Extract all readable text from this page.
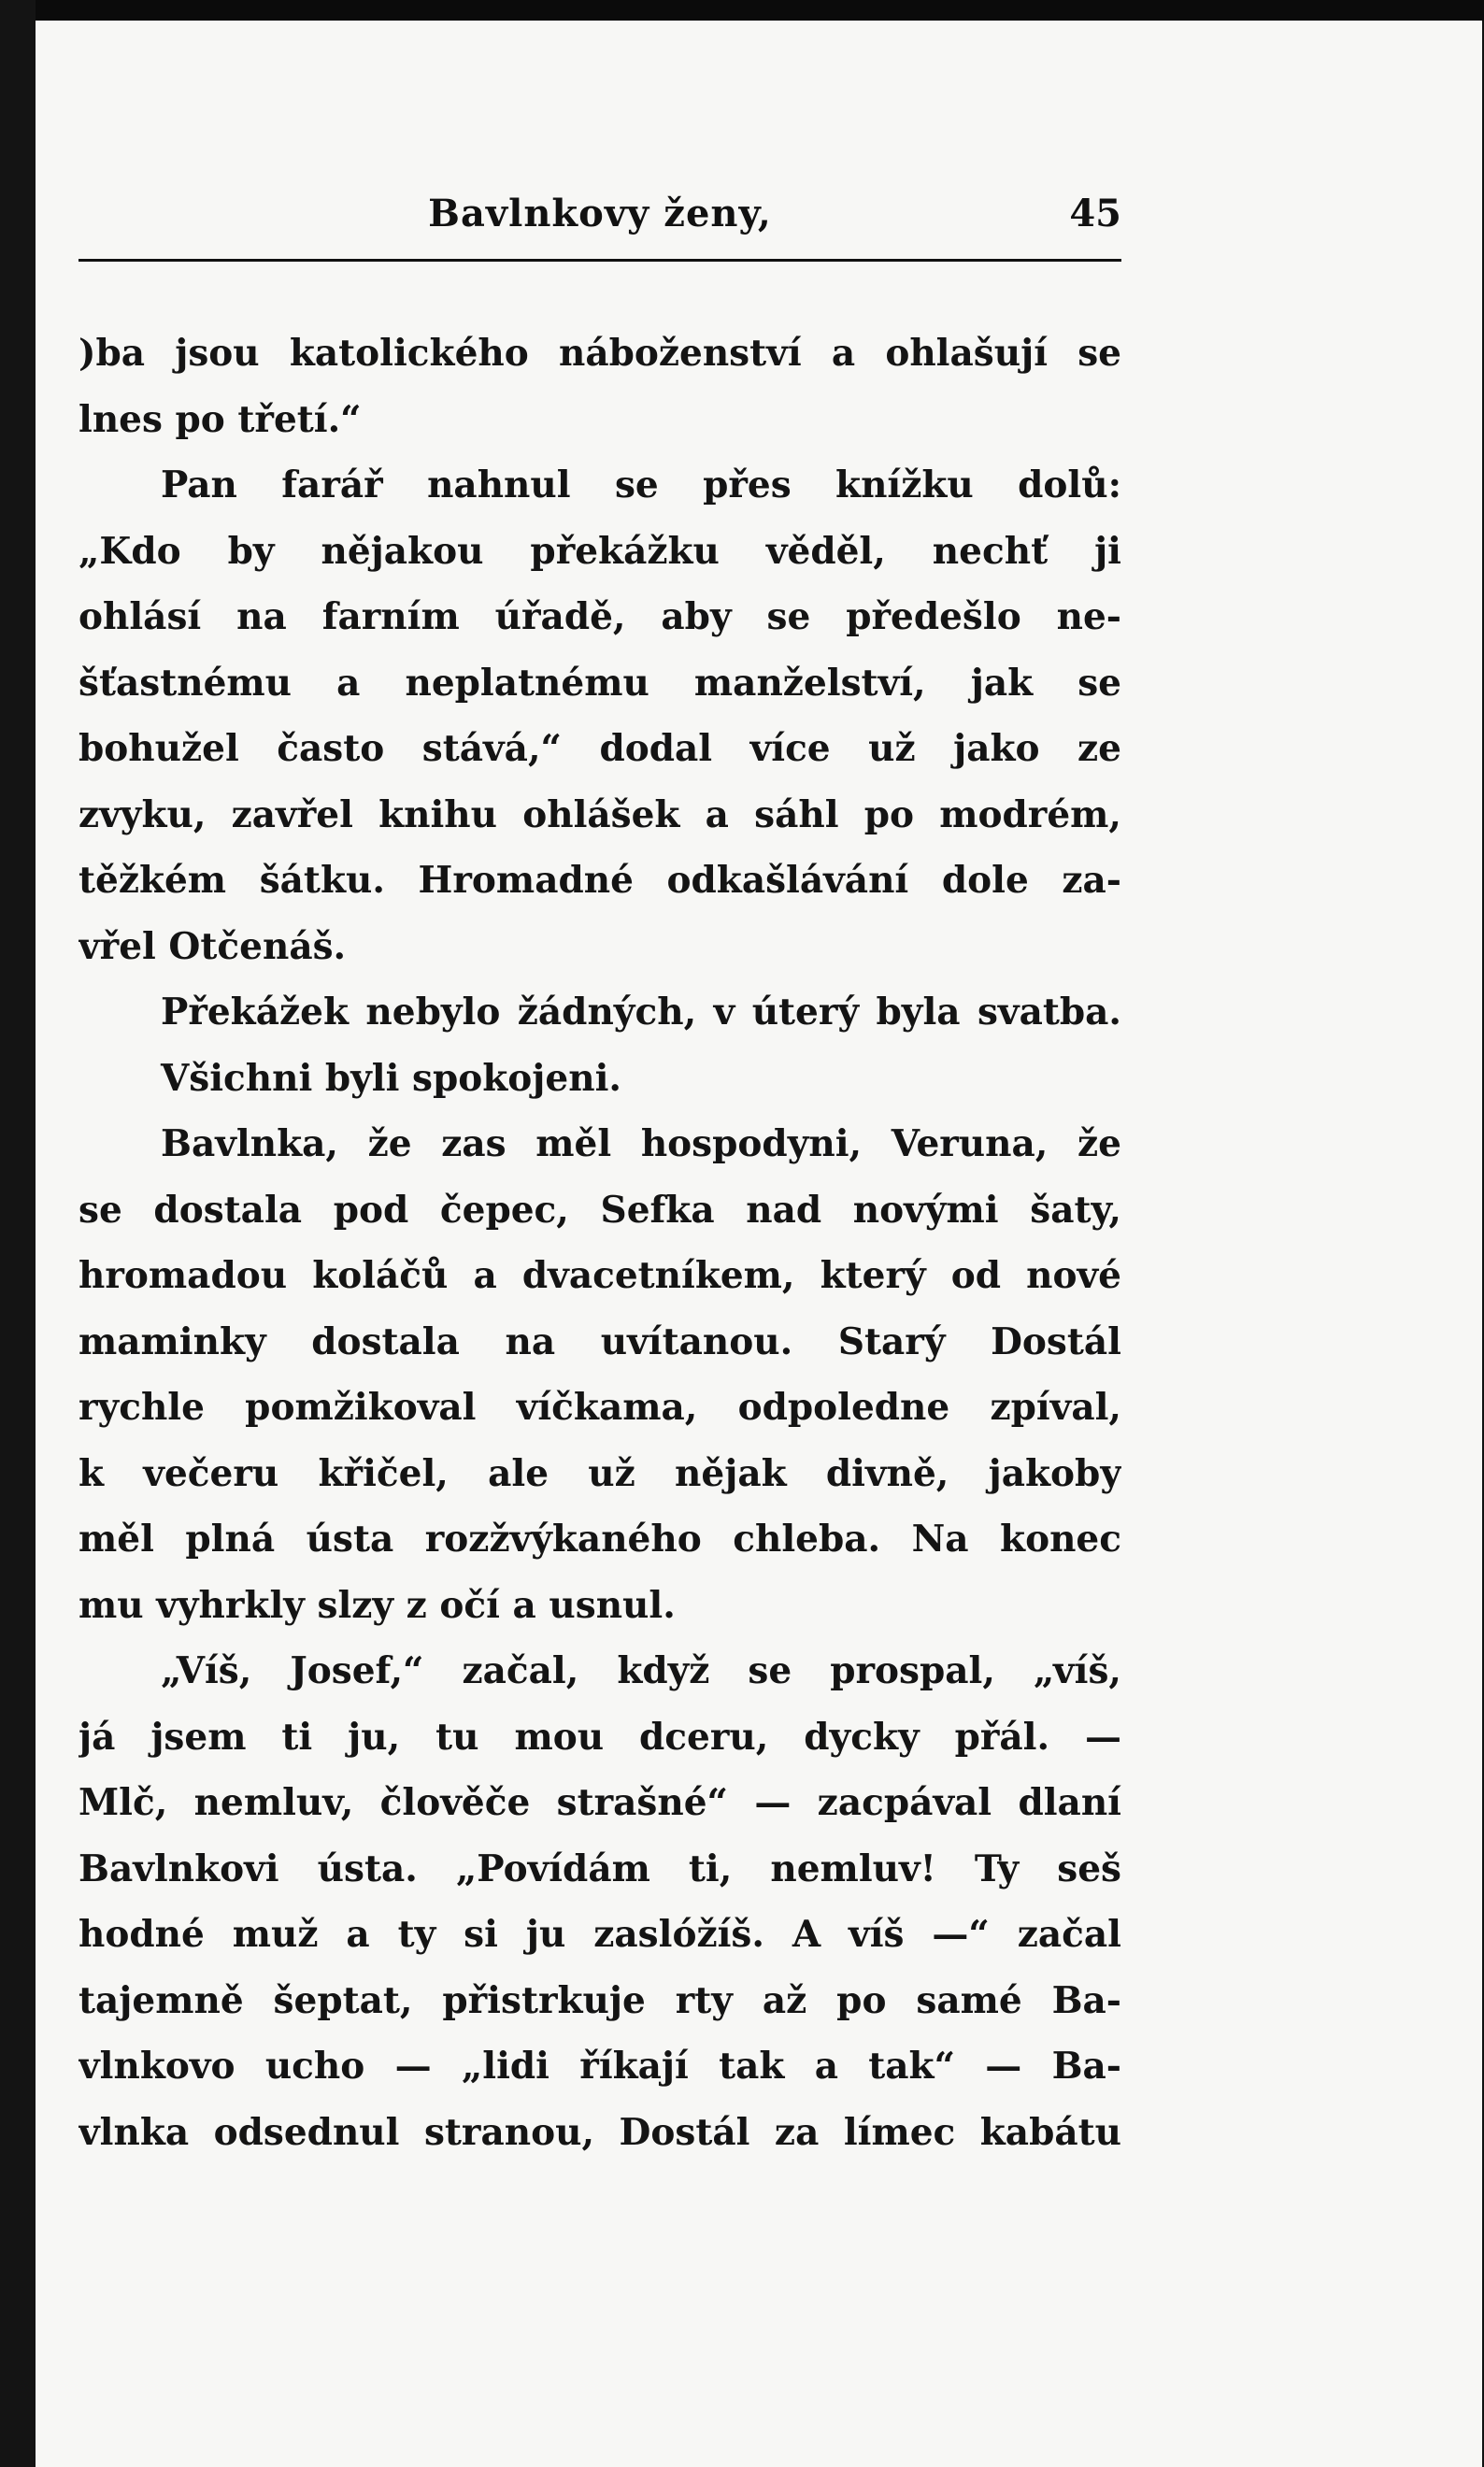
Bavlnkovy ženy,	45
)ba jsou katolického náboženství a ohlašují se
lnes po třetí.“
Pan farář nahnul se přes knížku dolů:
„Kdo by nějakou překážku věděl, nechť ji
ohlásí na farním úřadě, aby se předešlo ne-
šťastnému a neplatnému manželství, jak se
bohužel často stává,“ dodal více už jako ze
zvyku, zavřel knihu ohlášek a sáhl po modrém,
těžkém šátku. Hromadné odkašlávání dole za-
vřel Otčenáš.
Překážek nebylo žádných, v úterý byla svatba.
Všichni byli spokojeni.
Bavlnka, že zas měl hospodyni, Veruna, že
se dostala pod čepec, Sefka nad novými šaty,
hromadou koláčů a dvacetníkem, který od nové
maminky dostala na uvítanou. Starý Dostál
rychle pomžikoval víčkama, odpoledne zpíval,
k večeru křičel, ale už nějak divně, jakoby
měl plná ústa rozžvýkaného chleba. Na konec
mu vyhrkly slzy z očí a usnul.
„Víš, Josef,“ začal, když se prospal, „víš,
já jsem ti ju, tu mou dceru, dycky přál. —
Mlč, nemluv, člověče strašné“ — zacpával dlaní
Bavlnkovi ústa. „Povídám ti, nemluv! Ty seš
hodné muž a ty si ju zaslóžíš. A víš —“ začal
tajemně šeptat, přistrkuje rty až po samé Ba-
vlnkovo ucho — „lidi říkají tak a tak“ — Ba-
vlnka odsednul stranou, Dostál za límec kabátu
